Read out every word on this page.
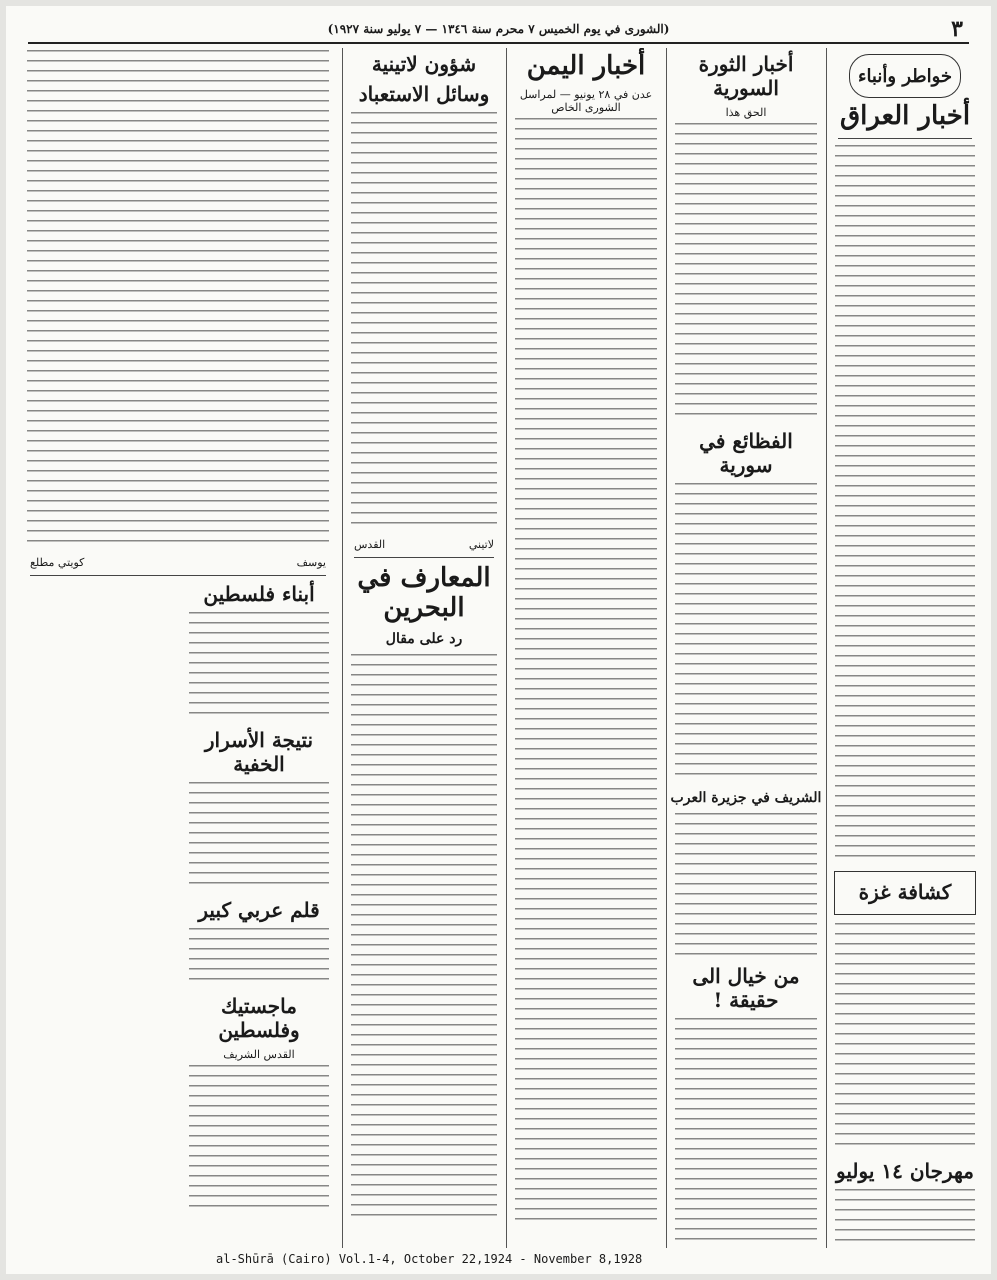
٣
(الشورى في يوم الخميس ٧ محرم سنة ١٣٤٦ — ٧ يوليو سنة ١٩٢٧)
خواطر وأنباء
أخبار العراق
كشافة غزة
مهرجان ١٤ يوليو
أخبار الثورة السورية
الحق هذا
الفظائع في سورية
الشريف في جزيرة العرب
من خيال الى حقيقة !
أخبار اليمن
عدن في ٢٨ يونيو — لمراسل الشورى الخاص
شؤون لاتينية
وسائل الاستعباد
لاتيني
القدس
المعارف في البحرين
رد على مقال
يوسف
كويتي مطلع
أبناء فلسطين
نتيجة الأسرار الخفية
قلم عربي كبير
ماجستيك وفلسطين
القدس الشريف
al-Shūrā (Cairo) Vol.1-4, October 22,1924 - November 8,1928
